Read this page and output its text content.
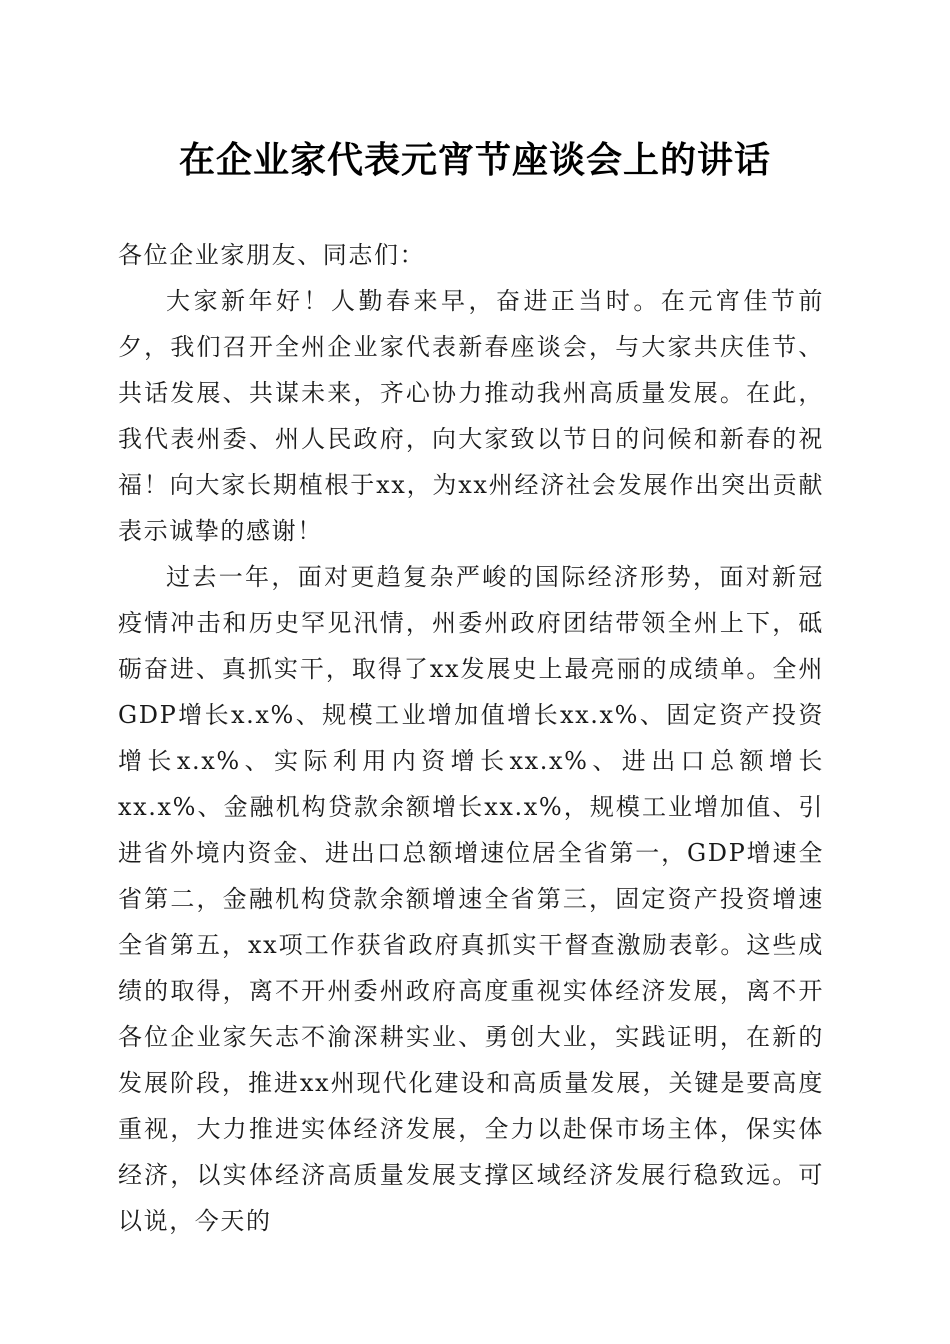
在企业家代表元宵节座谈会上的讲话

各位企业家朋友、同志们：

大家新年好！人勤春来早，奋进正当时。在元宵佳节前夕，我们召开全州企业家代表新春座谈会，与大家共庆佳节、共话发展、共谋未来，齐心协力推动我州高质量发展。在此，我代表州委、州人民政府，向大家致以节日的问候和新春的祝福！向大家长期植根于xx，为xx州经济社会发展作出突出贡献表示诚挚的感谢！

过去一年，面对更趋复杂严峻的国际经济形势，面对新冠疫情冲击和历史罕见汛情，州委州政府团结带领全州上下，砥砺奋进、真抓实干，取得了xx发展史上最亮丽的成绩单。全州GDP增长x.x%、规模工业增加值增长xx.x%、固定资产投资增长x.x%、实际利用内资增长xx.x%、进出口总额增长xx.x%、金融机构贷款余额增长xx.x%，规模工业增加值、引进省外境内资金、进出口总额增速位居全省第一，GDP增速全省第二，金融机构贷款余额增速全省第三，固定资产投资增速全省第五，xx项工作获省政府真抓实干督查激励表彰。这些成绩的取得，离不开州委州政府高度重视实体经济发展，离不开各位企业家矢志不渝深耕实业、勇创大业，实践证明，在新的发展阶段，推进xx州现代化建设和高质量发展，关键是要高度重视，大力推进实体经济发展，全力以赴保市场主体，保实体经济，以实体经济高质量发展支撑区域经济发展行稳致远。可以说，今天的
